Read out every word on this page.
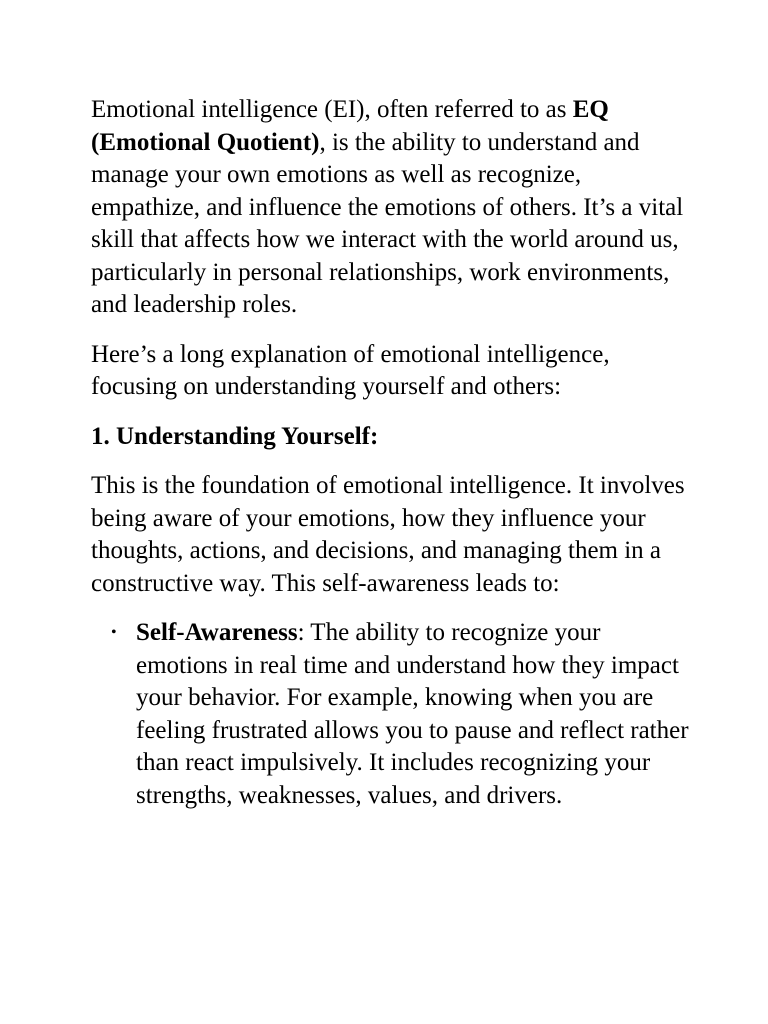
Emotional intelligence (EI), often referred to as EQ (Emotional Quotient), is the ability to understand and manage your own emotions as well as recognize, empathize, and influence the emotions of others. It’s a vital skill that affects how we interact with the world around us, particularly in personal relationships, work environments, and leadership roles.

Here’s a long explanation of emotional intelligence, focusing on understanding yourself and others:

1. Understanding Yourself:

This is the foundation of emotional intelligence. It involves being aware of your emotions, how they influence your thoughts, actions, and decisions, and managing them in a constructive way. This self-awareness leads to:

• Self-Awareness: The ability to recognize your emotions in real time and understand how they impact your behavior. For example, knowing when you are feeling frustrated allows you to pause and reflect rather than react impulsively. It includes recognizing your strengths, weaknesses, values, and drivers.
